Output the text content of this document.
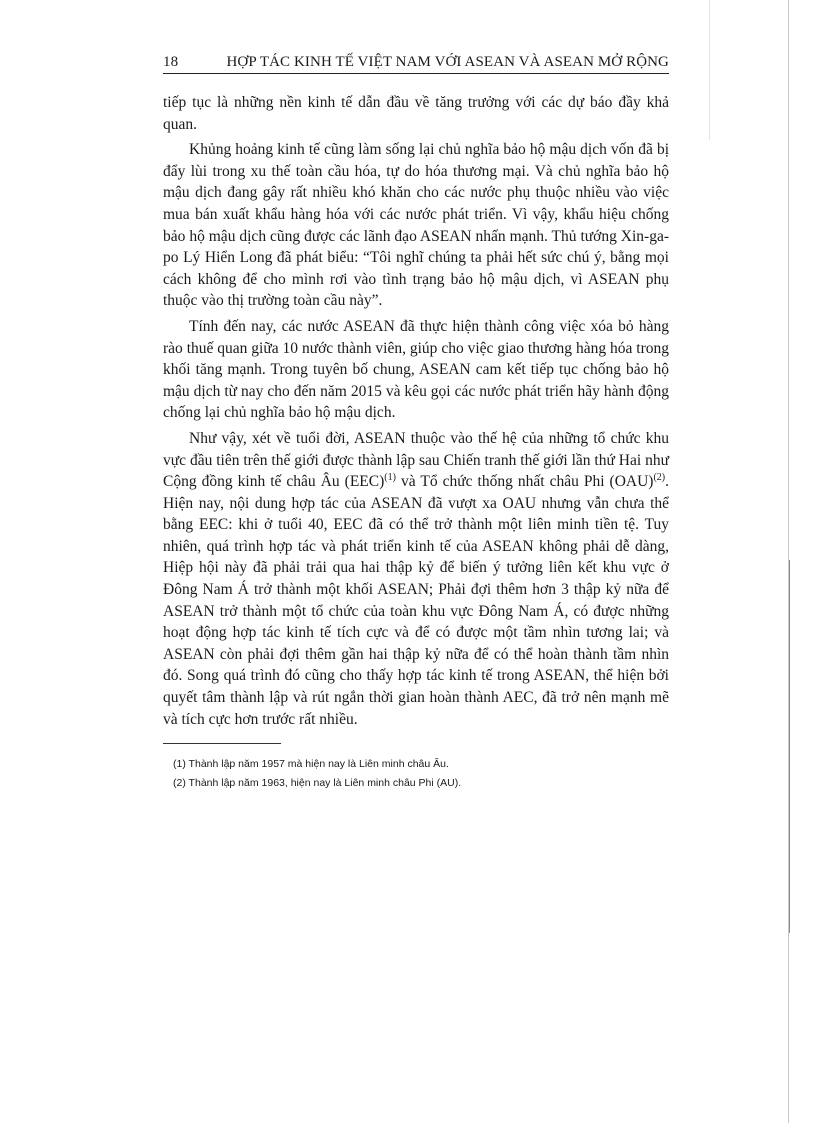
18	HỢP TÁC KINH TẾ VIỆT NAM VỚI ASEAN VÀ ASEAN MỞ RỘNG

tiếp tục là những nền kinh tế dẫn đầu về tăng trưởng với các dự báo đầy khả quan.

Khủng hoảng kinh tế cũng làm sống lại chủ nghĩa bảo hộ mậu dịch vốn đã bị đẩy lùi trong xu thế toàn cầu hóa, tự do hóa thương mại. Và chủ nghĩa bảo hộ mậu dịch đang gây rất nhiều khó khăn cho các nước phụ thuộc nhiều vào việc mua bán xuất khẩu hàng hóa với các nước phát triển. Vì vậy, khẩu hiệu chống bảo hộ mậu dịch cũng được các lãnh đạo ASEAN nhấn mạnh. Thủ tướng Xin-ga-po Lý Hiển Long đã phát biểu: “Tôi nghĩ chúng ta phải hết sức chú ý, bằng mọi cách không để cho mình rơi vào tình trạng bảo hộ mậu dịch, vì ASEAN phụ thuộc vào thị trường toàn cầu này”.

Tính đến nay, các nước ASEAN đã thực hiện thành công việc xóa bỏ hàng rào thuế quan giữa 10 nước thành viên, giúp cho việc giao thương hàng hóa trong khối tăng mạnh. Trong tuyên bố chung, ASEAN cam kết tiếp tục chống bảo hộ mậu dịch từ nay cho đến năm 2015 và kêu gọi các nước phát triển hãy hành động chống lại chủ nghĩa bảo hộ mậu dịch.

Như vậy, xét về tuổi đời, ASEAN thuộc vào thế hệ của những tổ chức khu vực đầu tiên trên thế giới được thành lập sau Chiến tranh thế giới lần thứ Hai như Cộng đồng kinh tế châu Âu (EEC)$^{(1)}$ và Tổ chức thống nhất châu Phi (OAU)$^{(2)}$. Hiện nay, nội dung hợp tác của ASEAN đã vượt xa OAU nhưng vẫn chưa thể bằng EEC: khi ở tuổi 40, EEC đã có thể trở thành một liên minh tiền tệ. Tuy nhiên, quá trình hợp tác và phát triển kinh tế của ASEAN không phải dễ dàng, Hiệp hội này đã phải trải qua hai thập kỷ để biến ý tưởng liên kết khu vực ở Đông Nam Á trở thành một khối ASEAN; Phải đợi thêm hơn 3 thập kỷ nữa để ASEAN trở thành một tổ chức của toàn khu vực Đông Nam Á, có được những hoạt động hợp tác kinh tế tích cực và để có được một tầm nhìn tương lai; và ASEAN còn phải đợi thêm gần hai thập kỷ nữa để có thể hoàn thành tầm nhìn đó. Song quá trình đó cũng cho thấy hợp tác kinh tế trong ASEAN, thể hiện bởi quyết tâm thành lập và rút ngắn thời gian hoàn thành AEC, đã trở nên mạnh mẽ và tích cực hơn trước rất nhiều.

(1) Thành lập năm 1957 mà hiện nay là Liên minh châu Âu.
(2) Thành lập năm 1963, hiện nay là Liên minh châu Phi (AU).
